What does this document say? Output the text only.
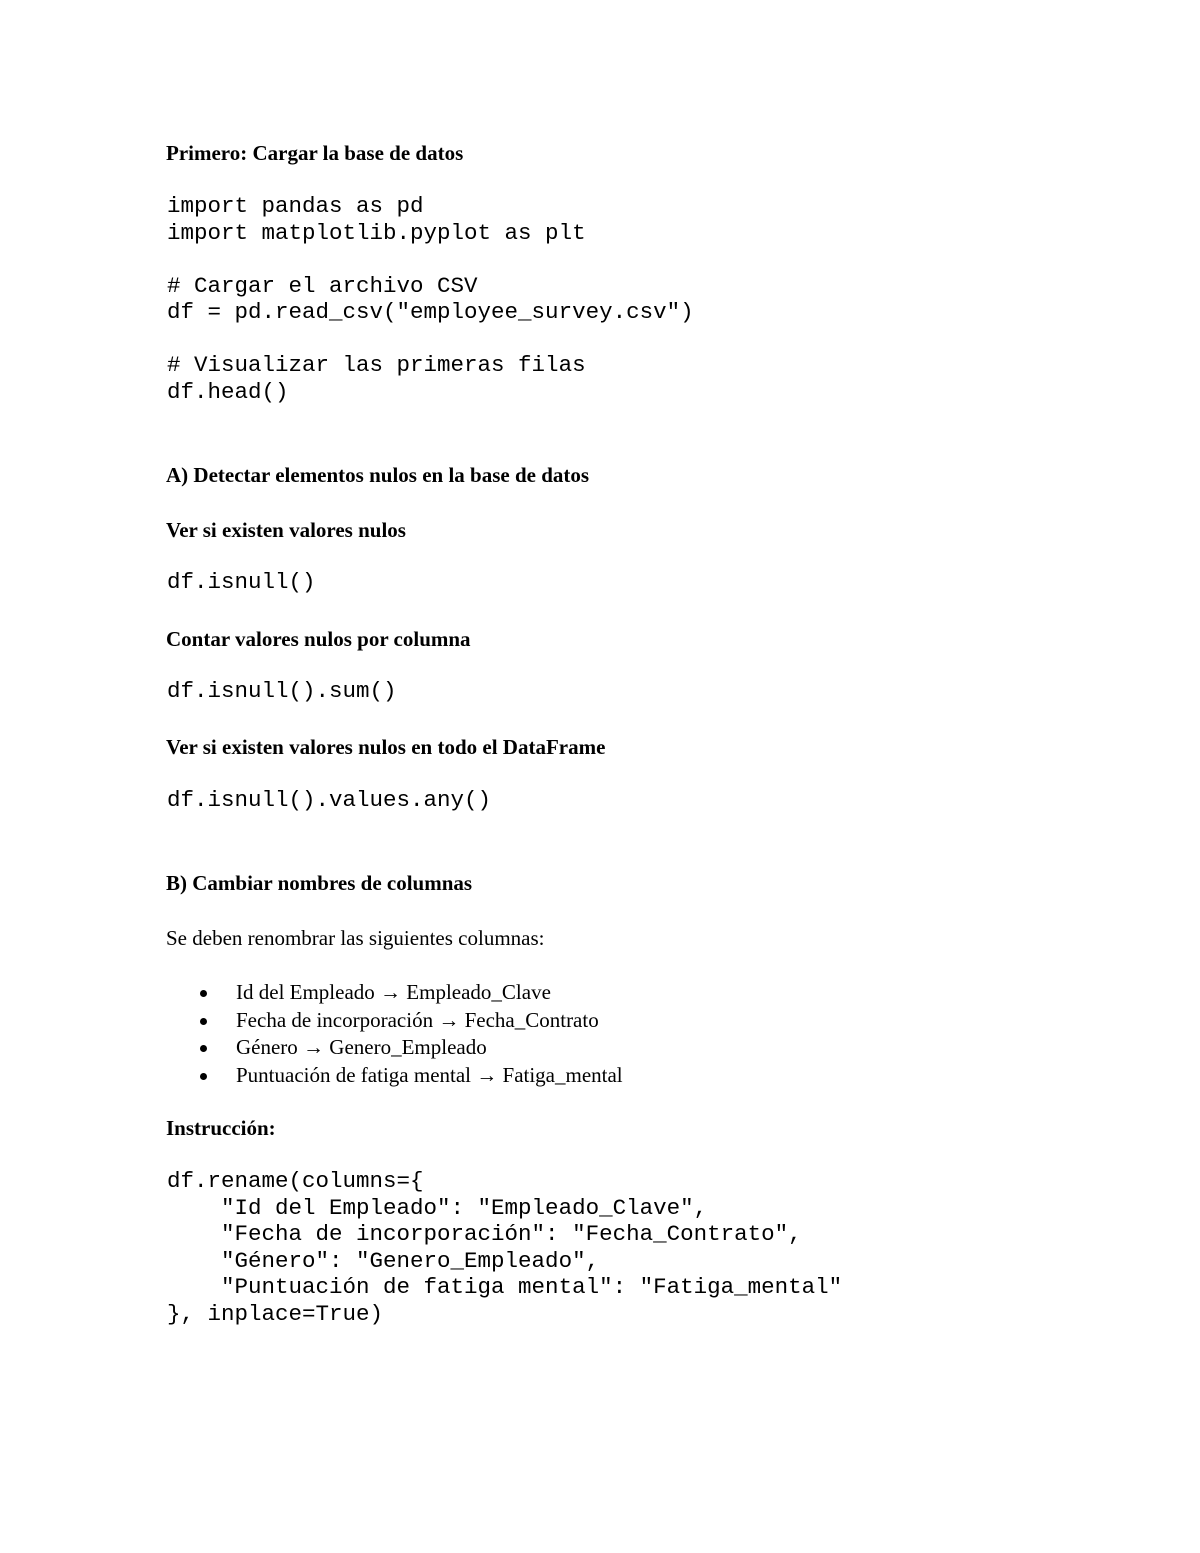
Primero: Cargar la base de datos
import pandas as pd
import matplotlib.pyplot as plt
# Cargar el archivo CSV
df = pd.read_csv("employee_survey.csv")
# Visualizar las primeras filas
df.head()
A) Detectar elementos nulos en la base de datos
Ver si existen valores nulos
df.isnull()
Contar valores nulos por columna
df.isnull().sum()
Ver si existen valores nulos en todo el DataFrame
df.isnull().values.any()
B) Cambiar nombres de columnas
Se deben renombrar las siguientes columnas:
Id del Empleado → Empleado_Clave
Fecha de incorporación → Fecha_Contrato
Género → Genero_Empleado
Puntuación de fatiga mental → Fatiga_mental
Instrucción:
df.rename(columns={
"Id del Empleado": "Empleado_Clave",
"Fecha de incorporación": "Fecha_Contrato",
"Género": "Genero_Empleado",
"Puntuación de fatiga mental": "Fatiga_mental"
}, inplace=True)
